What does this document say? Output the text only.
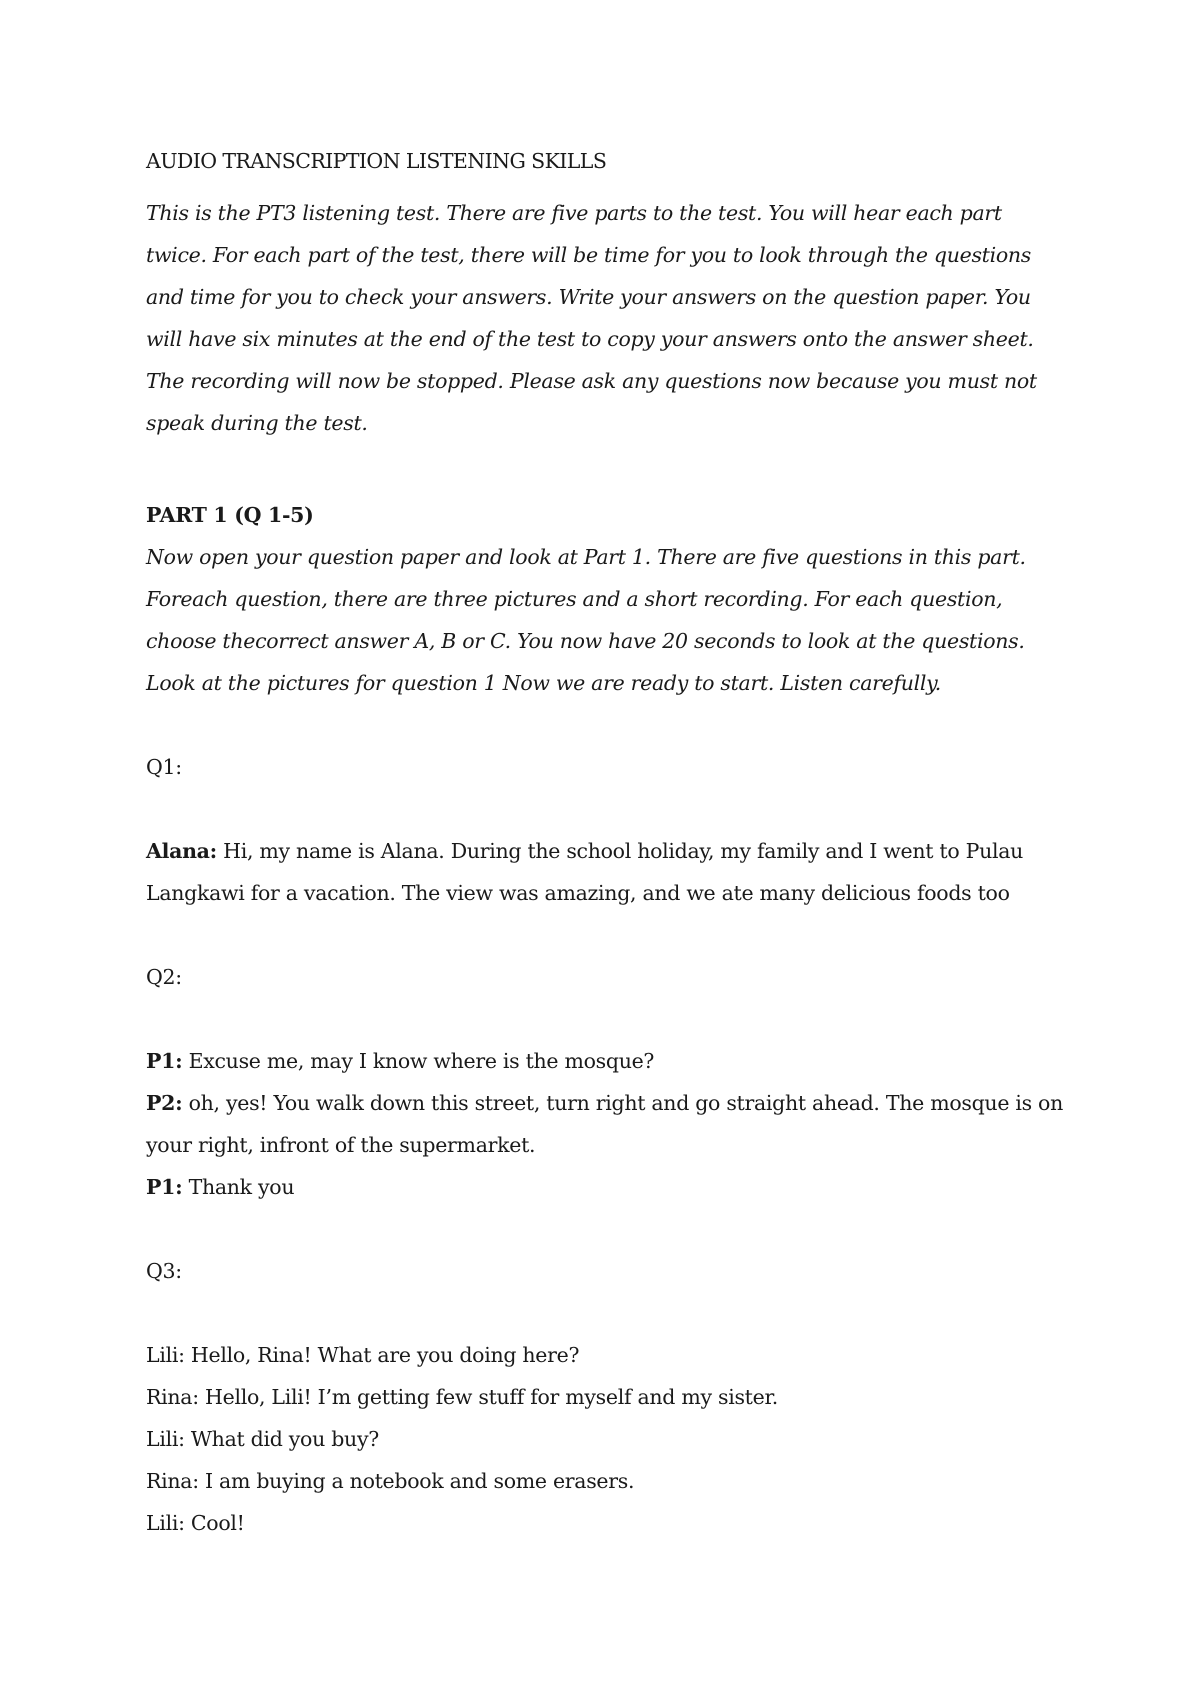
AUDIO TRANSCRIPTION LISTENING SKILLS

This is the PT3 listening test. There are five parts to the test. You will hear each part twice. For each part of the test, there will be time for you to look through the questions and time for you to check your answers. Write your answers on the question paper. You will have six minutes at the end of the test to copy your answers onto the answer sheet. The recording will now be stopped. Please ask any questions now because you must not speak during the test.

PART 1 (Q 1-5)

Now open your question paper and look at Part 1. There are five questions in this part. Foreach question, there are three pictures and a short recording. For each question, choose thecorrect answer A, B or C. You now have 20 seconds to look at the questions. Look at the pictures for question 1 Now we are ready to start. Listen carefully.

Q1:

Alana: Hi, my name is Alana. During the school holiday, my family and I went to Pulau Langkawi for a vacation. The view was amazing, and we ate many delicious foods too

Q2:

P1: Excuse me, may I know where is the mosque?

P2: oh, yes! You walk down this street, turn right and go straight ahead. The mosque is on your right, infront of the supermarket.

P1: Thank you

Q3:

Lili: Hello, Rina! What are you doing here?

Rina: Hello, Lili! I’m getting few stuff for myself and my sister.

Lili: What did you buy?

Rina: I am buying a notebook and some erasers.

Lili: Cool!
